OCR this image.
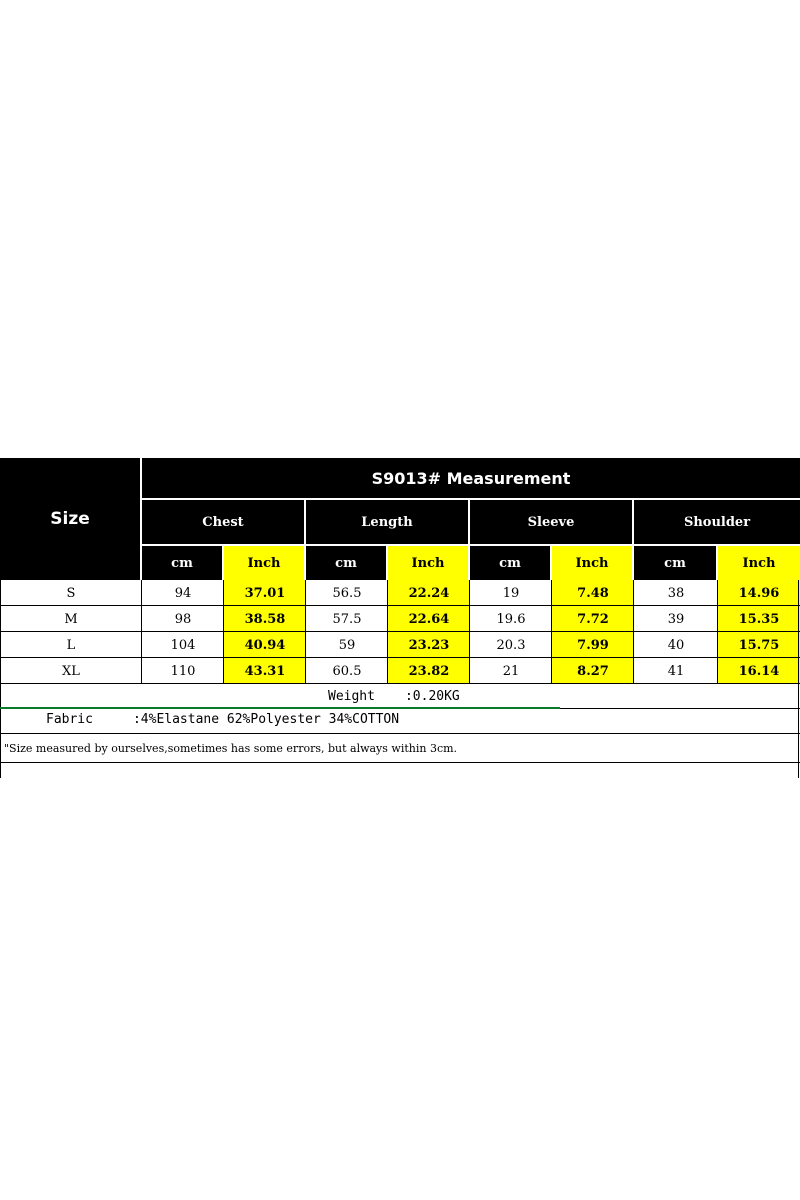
Size
S9013# Measurement
Chest	Length	Sleeve	Shoulder
cm	Inch	cm	Inch	cm	Inch	cm	Inch
S	94	37.01	56.5	22.24	19	7.48	38	14.96
M	98	38.58	57.5	22.64	19.6	7.72	39	15.35
L	104	40.94	59	23.23	20.3	7.99	40	15.75
XL	110	43.31	60.5	23.82	21	8.27	41	16.14
Weight :0.20KG
Fabric	:4%Elastane 62%Polyester 34%COTTON
"Size measured by ourselves,sometimes has some errors, but always within 3cm.
